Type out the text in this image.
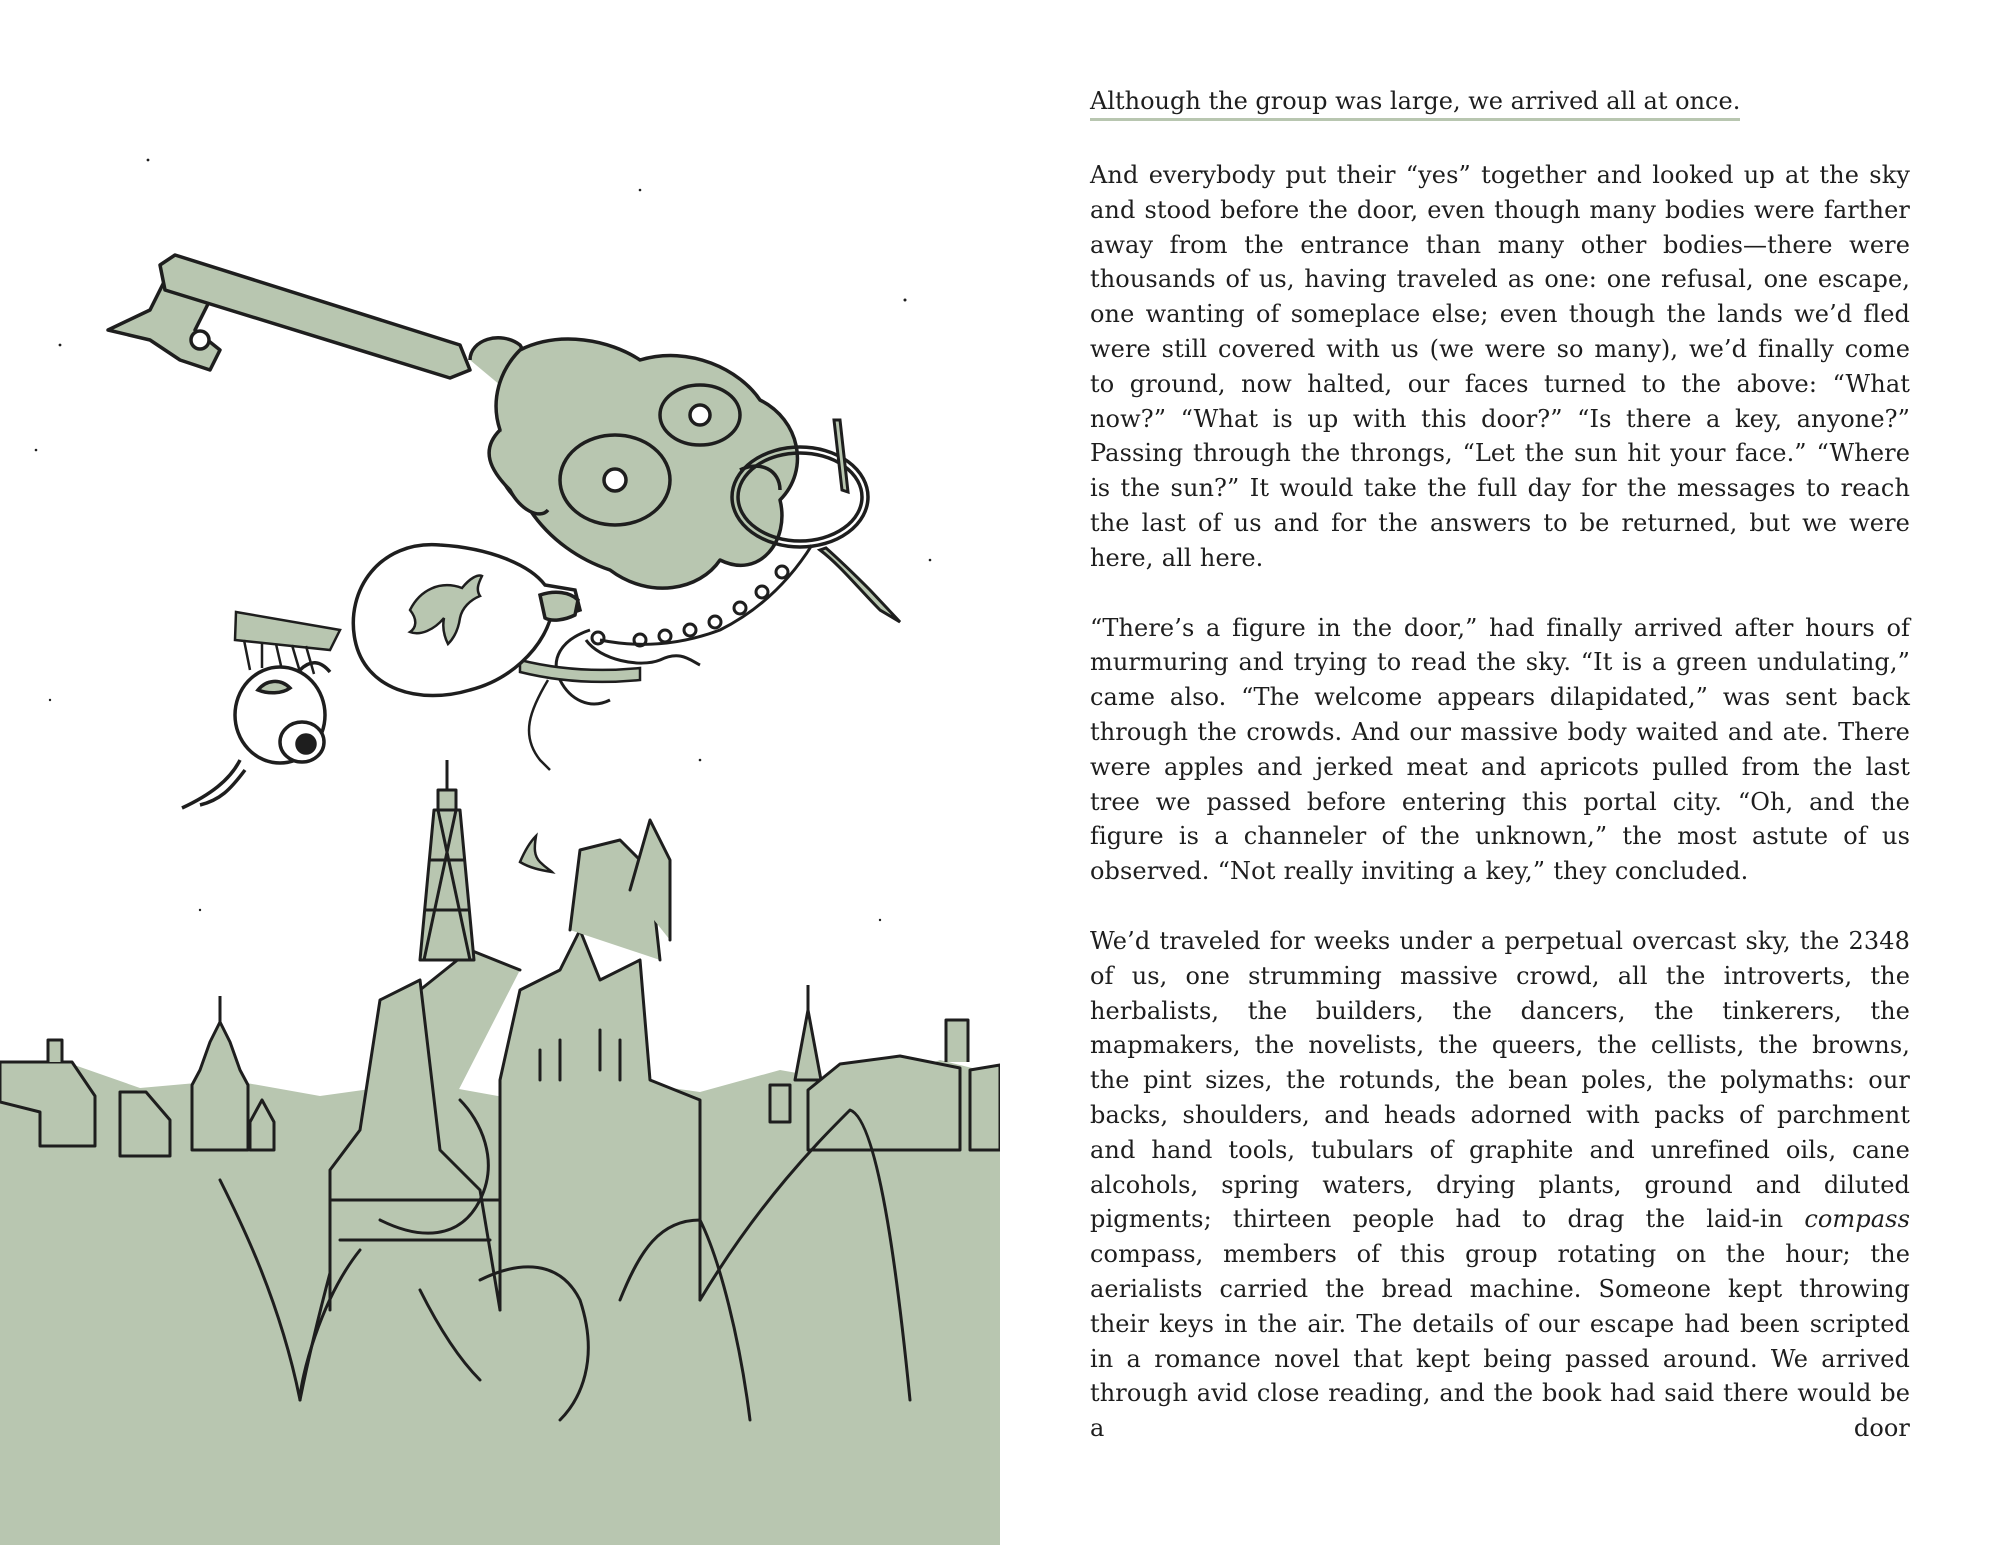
Although the group was large, we arrived all at once.

And everybody put their “yes” together and looked up at the sky and stood before the door, even though many bodies were farther away from the entrance than many other bodies—there were thousands of us, having traveled as one: one refusal, one escape, one wanting of someplace else; even though the lands we’d fled were still covered with us (we were so many), we’d finally come to ground, now halted, our faces turned to the above: “What now?” “What is up with this door?” “Is there a key, anyone?” Passing through the throngs, “Let the sun hit your face.” “Where is the sun?” It would take the full day for the messages to reach the last of us and for the answers to be returned, but we were here, all here.

“There’s a figure in the door,” had finally arrived after hours of murmuring and trying to read the sky. “It is a green undulating,” came also. “The welcome appears dilapidated,” was sent back through the crowds. And our massive body waited and ate. There were apples and jerked meat and apricots pulled from the last tree we passed before entering this portal city. “Oh, and the figure is a channeler of the unknown,” the most astute of us observed. “Not really inviting a key,” they concluded.

We’d traveled for weeks under a perpetual overcast sky, the 2348 of us, one strumming massive crowd, all the introverts, the herbalists, the builders, the dancers, the tinkerers, the mapmakers, the novelists, the queers, the cellists, the browns, the pint sizes, the rotunds, the bean poles, the polymaths: our backs, shoulders, and heads adorned with packs of parchment and hand tools, tubulars of graphite and unrefined oils, cane alcohols, spring waters, drying plants, ground and diluted pigments; thirteen people had to drag the laid-in compass compass, members of this group rotating on the hour; the aerialists carried the bread machine. Someone kept throwing their keys in the air. The details of our escape had been scripted in a romance novel that kept being passed around. We arrived through avid close reading, and the book had said there would be a door
